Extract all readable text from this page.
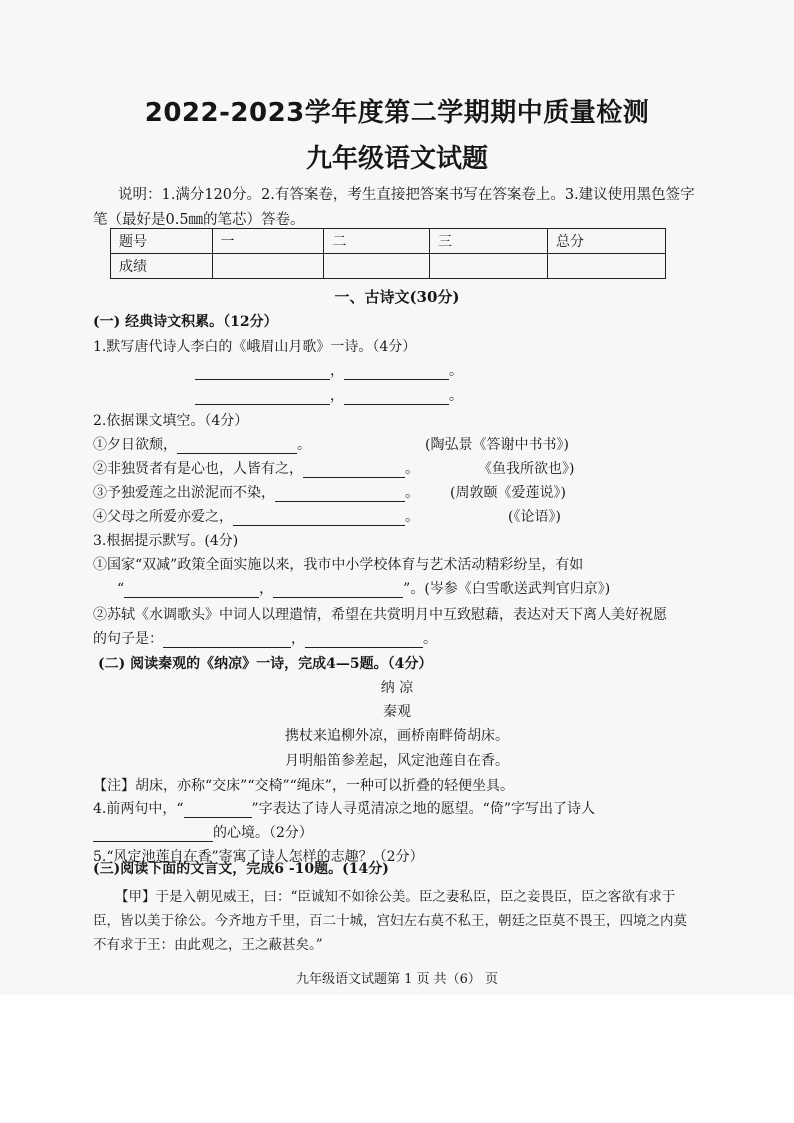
2022-2023学年度第二学期期中质量检测
九年级语文试题
说明：1.满分120分。2.有答案卷，考生直接把答案书写在答案卷上。3.建议使用黑色签字笔（最好是0.5㎜的笔芯）答卷。
题号	一	二	三	总分
成绩				
一、古诗文(30分)
(一) 经典诗文积累。（12分）
1.默写唐代诗人李白的《峨眉山月歌》一诗。（4分）
，	。
，	。
2.依据课文填空。（4分）
①夕日欲颓，	。	(陶弘景《答谢中书书》)
②非独贤者有是心也，人皆有之，	。	《鱼我所欲也》)
③予独爱莲之出淤泥而不染，	。 (周敦颐《爱莲说》)
④父母之所爱亦爱之，	。	(《论语》)
3.根据提示默写。(4分)
①国家“双减”政策全面实施以来，我市中小学校体育与艺术活动精彩纷呈，有如
“	，	”。(岑参《白雪歌送武判官归京》)
②苏轼《水调歌头》中词人以理遣情，希望在共赏明月中互致慰藉，表达对天下离人美好祝愿
的句子是：	，	。
(二) 阅读秦观的《纳凉》一诗，完成4—5题。（4分）
纳 凉
秦观
携杖来追柳外凉，画桥南畔倚胡床。
月明船笛参差起，风定池莲自在香。
【注】胡床，亦称“交床”“交椅”“绳床”，一种可以折叠的轻便坐具。
4.前两句中，“	”字表达了诗人寻觅清凉之地的愿望。“倚”字写出了诗人
的心境。（2分）
5.“风定池莲自在香”寄寓了诗人怎样的志趣？（2分）
(三)阅读下面的文言文，完成6 -10题。(14分)
【甲】于是入朝见威王，曰：“臣诚知不如徐公美。臣之妻私臣，臣之妾畏臣，臣之客欲有求于臣，皆以美于徐公。今齐地方千里，百二十城，宫妇左右莫不私王，朝廷之臣莫不畏王，四境之内莫不有求于王：由此观之，王之蔽甚矣。”
九年级语文试题第 1 页 共（6） 页
